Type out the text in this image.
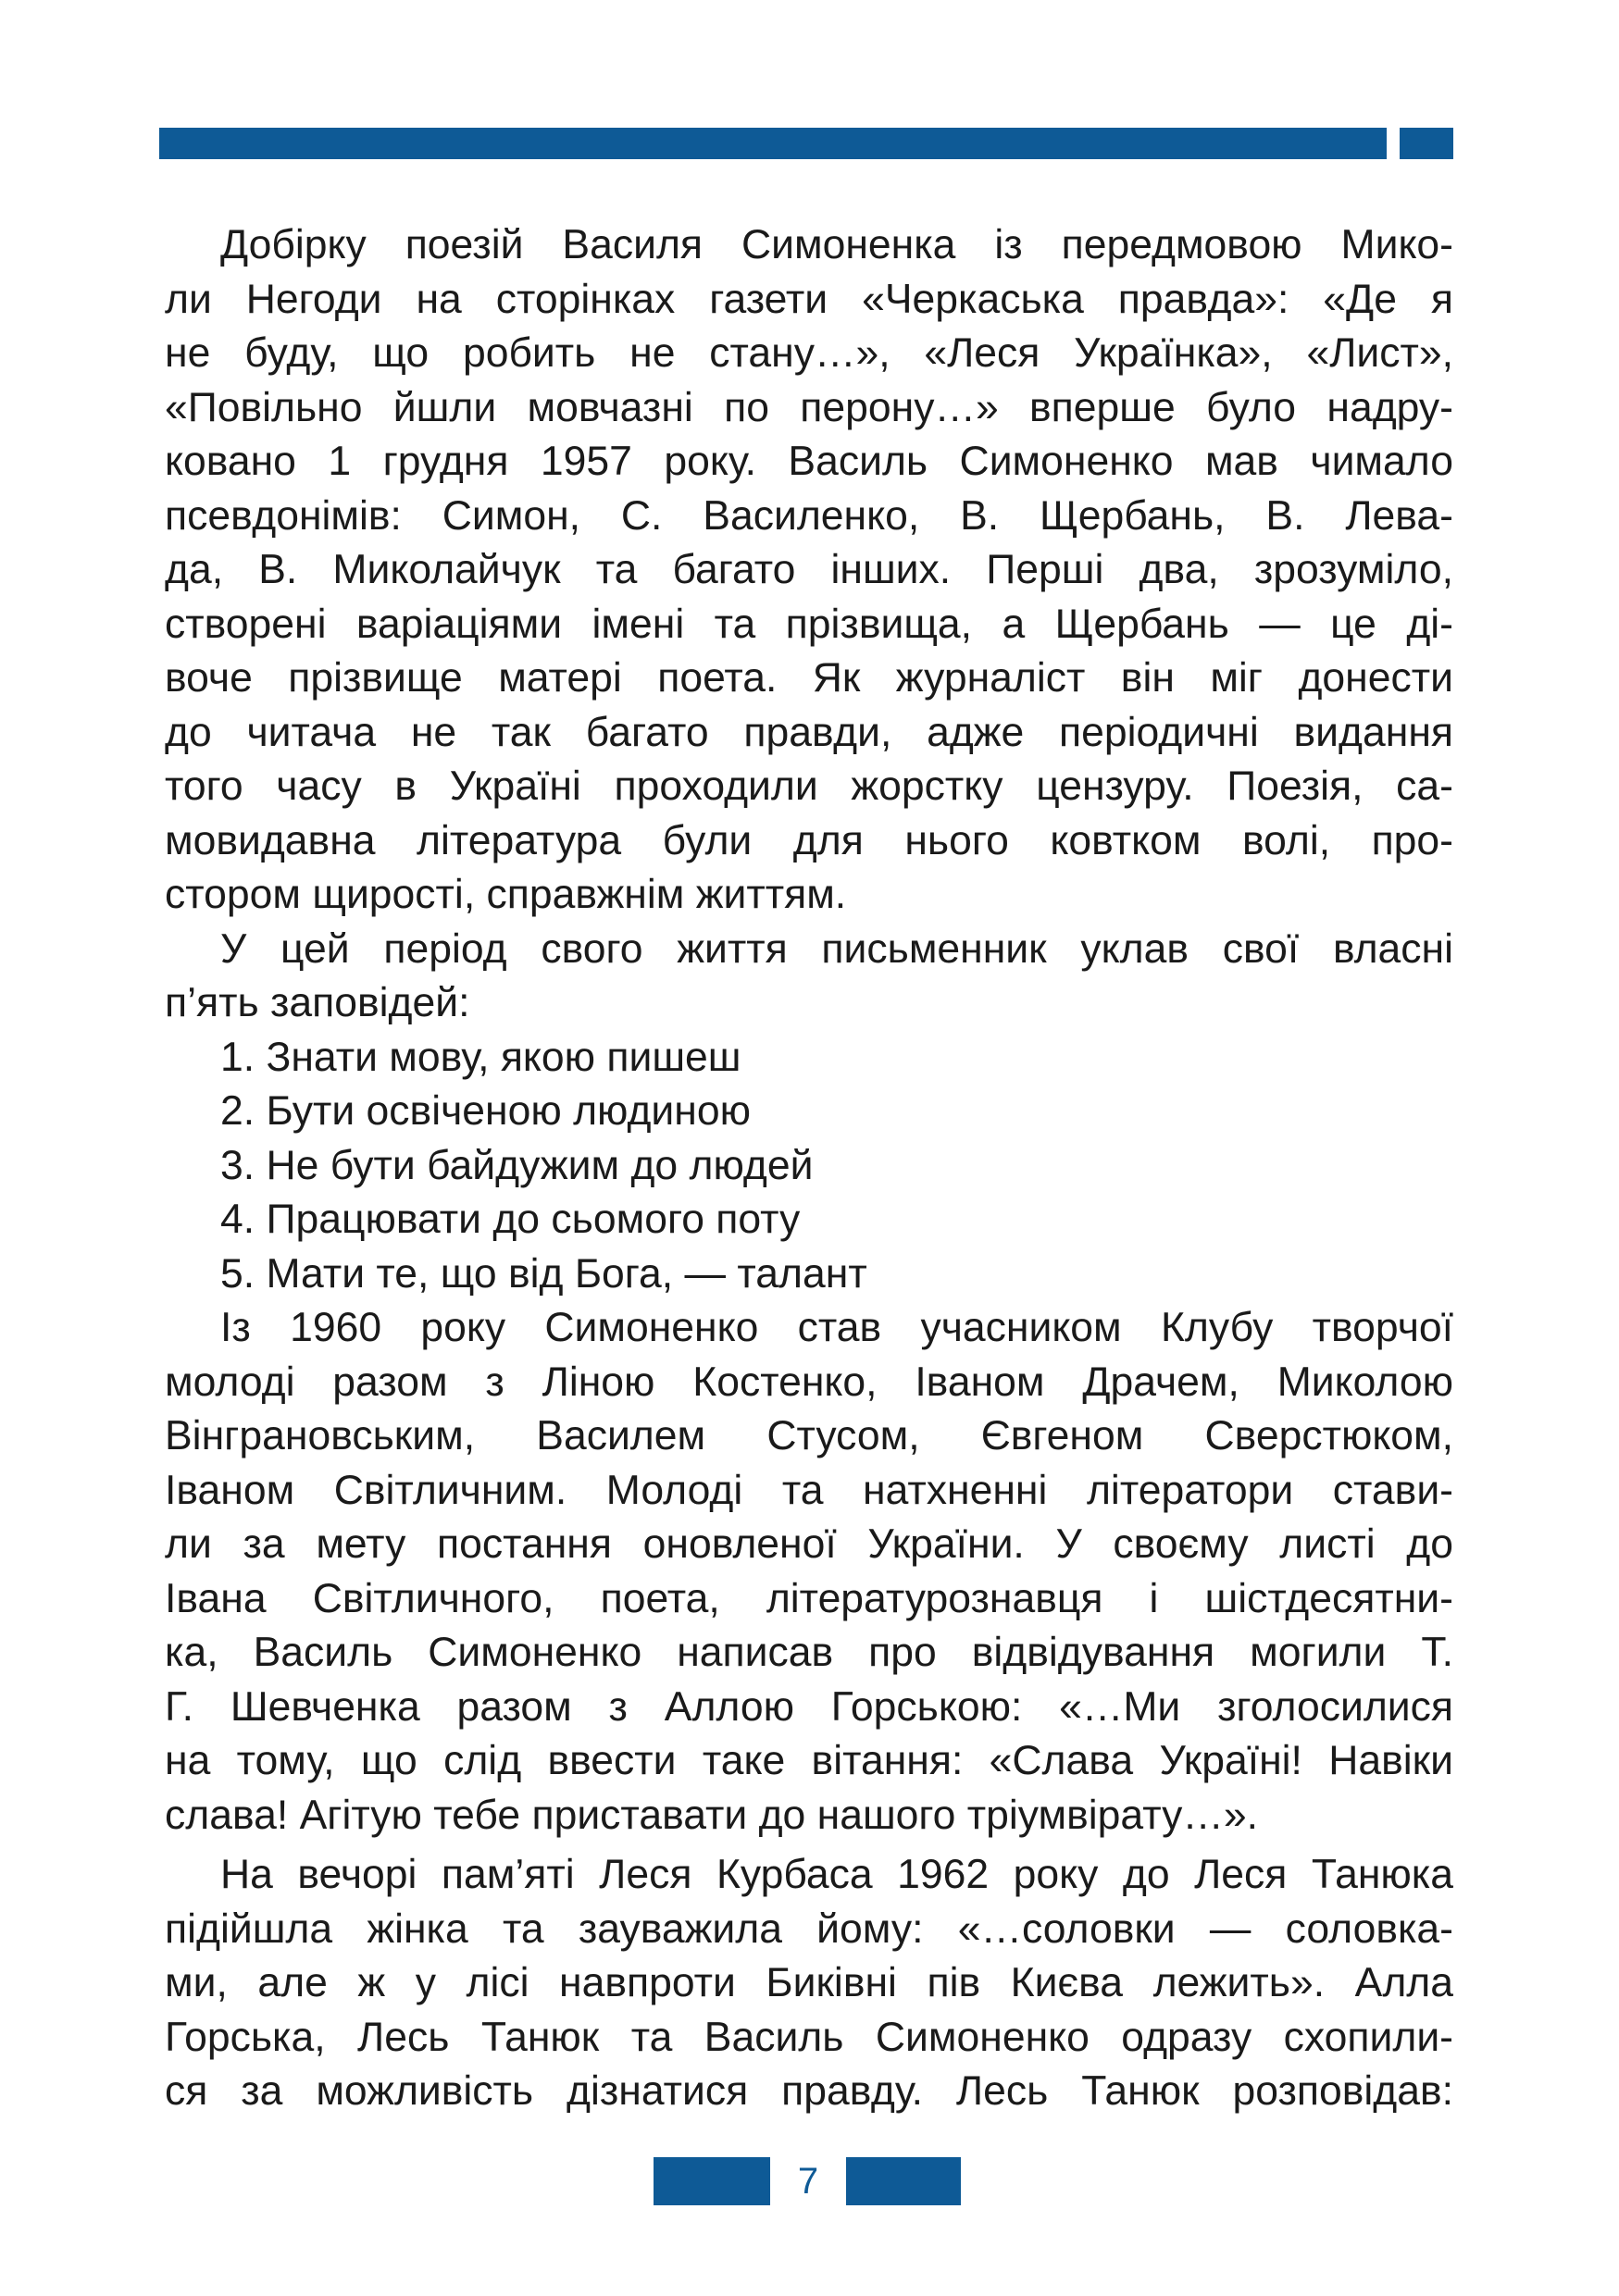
Добірку поезій Василя Симоненка із передмовою Мико-

ли Негоди на сторінках газети «Черкаська правда»: «Де я

не буду, що робить не стану…», «Леся Українка», «Лист»,

«Повільно йшли мовчазні по перону…» вперше було надру-

ковано 1 грудня 1957 року. Василь Симоненко мав чимало

псевдонімів: Симон, С. Василенко, В. Щербань, В. Лева-

да, В. Миколайчук та багато інших. Перші два, зрозуміло,

створені варіаціями імені та прізвища, а Щербань — це ді-

воче прізвище матері поета. Як журналіст він міг донести

до читача не так багато правди, адже періодичні видання

того часу в Україні проходили жорстку цензуру. Поезія, са-

мовидавна література були для нього ковтком волі, про-

стором щирості, справжнім життям.

У цей період свого життя письменник уклав свої власні

п’ять заповідей:

1. Знати мову, якою пишеш

2. Бути освіченою людиною

3. Не бути байдужим до людей

4. Працювати до сьомого поту

5. Мати те, що від Бога, — талант

Із 1960 року Симоненко став учасником Клубу творчої

молоді разом з Ліною Костенко, Іваном Драчем, Миколою

Вінграновським, Василем Стусом, Євгеном Сверстюком,

Іваном Світличним. Молоді та натхненні літератори стави-

ли за мету постання оновленої України. У своєму листі до

Івана Світличного, поета, літературознавця і шістдесятни-

ка, Василь Симоненко написав про відвідування могили Т.

Г. Шевченка разом з Аллою Горською: «…Ми зголосилися

на тому, що слід ввести таке вітання: «Слава Україні! Навіки

слава! Агітую тебе приставати до нашого тріумвірату…».

На вечорі пам’яті Леся Курбаса 1962 року до Леся Танюка

підійшла жінка та зауважила йому: «…соловки — соловка-

ми, але ж у лісі навпроти Биківні пів Києва лежить». Алла

Горська, Лесь Танюк та Василь Симоненко одразу схопили-

ся за можливість дізнатися правду. Лесь Танюк розповідав:

7
